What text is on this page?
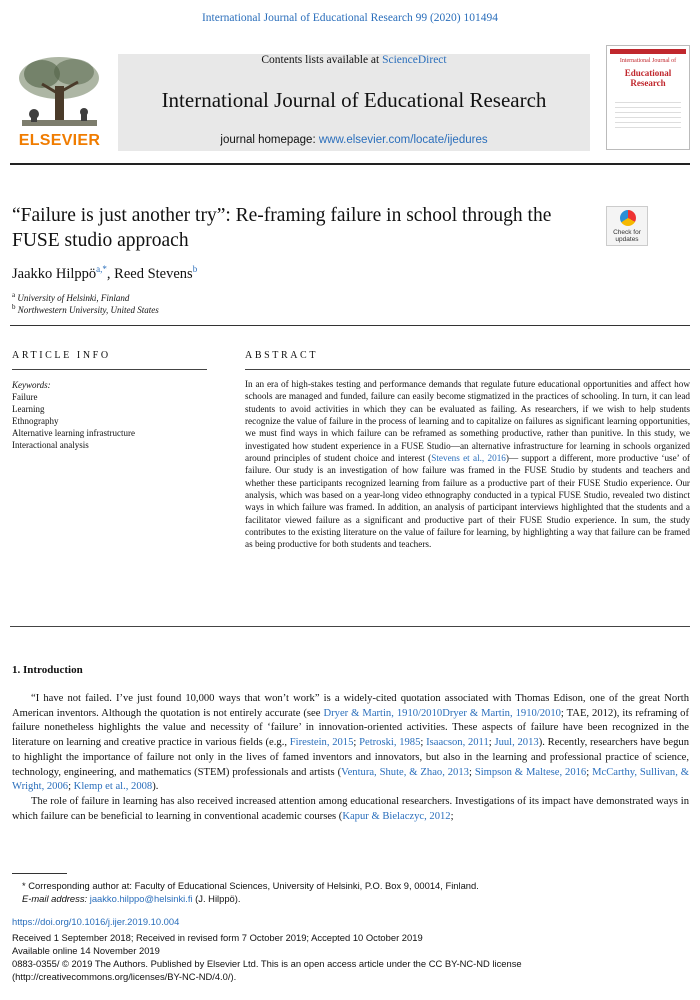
International Journal of Educational Research 99 (2020) 101494
ELSEVIER
Contents lists available at ScienceDirect
International Journal of Educational Research
journal homepage: www.elsevier.com/locate/ijedures
International Journal of
Educational
Research
“Failure is just another try”: Re-framing failure in school through the FUSE studio approach	Check for
updates
Jaakko Hilppö$^{a,*}$, Reed Stevens$^b$
$^a$ University of Helsinki, Finland
$^b$ Northwestern University, United States
ARTICLE INFO
Keywords:
Failure
Learning
Ethnography
Alternative learning infrastructure
Interactional analysis
ABSTRACT
In an era of high-stakes testing and performance demands that regulate future educational opportunities and affect how schools are managed and funded, failure can easily become stigmatized in the practices of schooling. In turn, it can lead students to avoid activities in which they can be evaluated as failing. As researchers, if we wish to help students recognize the value of failure in the process of learning and to capitalize on failures as significant learning opportunities, we must find ways in which failure can be reframed as something productive, rather than punitive. In this study, we investigated how student experience in a FUSE Studio—an alternative infrastructure for learning in schools organized around principles of student choice and interest (Stevens et al., 2016)— support a different, more productive ‘use’ of failure. Our study is an investigation of how failure was framed in the FUSE Studio by students and teachers and whether these participants recognized learning from failure as a productive part of their FUSE Studio experience. Our analysis, which was based on a year-long video ethnography conducted in a typical FUSE Studio, revealed two distinct ways in which failure was framed. In addition, an analysis of participant interviews highlighted that the students and a facilitator viewed failure as a significant and productive part of their FUSE Studio experience. In sum, the study contributes to the existing literature on the value of failure for learning, by highlighting a way that failure can be framed as being productive for both students and teachers.
1. Introduction

“I have not failed. I’ve just found 10,000 ways that won’t work” is a widely-cited quotation associated with Thomas Edison, one of the great North American inventors. Although the quotation is not entirely accurate (see Dryer & Martin, 1910/2010Dryer & Martin, 1910/2010; TAE, 2012), its reframing of failure nonetheless highlights the value and necessity of ‘failure’ in innovation-oriented activities. These aspects of failure have been recognized in the literature on learning and creative practice in various fields (e.g., Firestein, 2015; Petroski, 1985; Isaacson, 2011; Juul, 2013). Recently, researchers have begun to highlight the importance of failure not only in the lives of famed inventors and innovators, but also in the learning and professional practice of science, technology, engineering, and mathematics (STEM) professionals and artists (Ventura, Shute, & Zhao, 2013; Simpson & Maltese, 2016; McCarthy, Sullivan, & Wright, 2006; Klemp et al., 2008).

The role of failure in learning has also received increased attention among educational researchers. Investigations of its impact have demonstrated ways in which failure can be beneficial to learning in conventional academic courses (Kapur & Bielaczyc, 2012;

* Corresponding author at: Faculty of Educational Sciences, University of Helsinki, P.O. Box 9, 00014, Finland.
E-mail address: jaakko.hilppo@helsinki.fi (J. Hilppö).
https://doi.org/10.1016/j.ijer.2019.10.004
Received 1 September 2018; Received in revised form 7 October 2019; Accepted 10 October 2019
Available online 14 November 2019
0883-0355/ © 2019 The Authors. Published by Elsevier Ltd. This is an open access article under the CC BY-NC-ND license (http://creativecommons.org/licenses/BY-NC-ND/4.0/).
